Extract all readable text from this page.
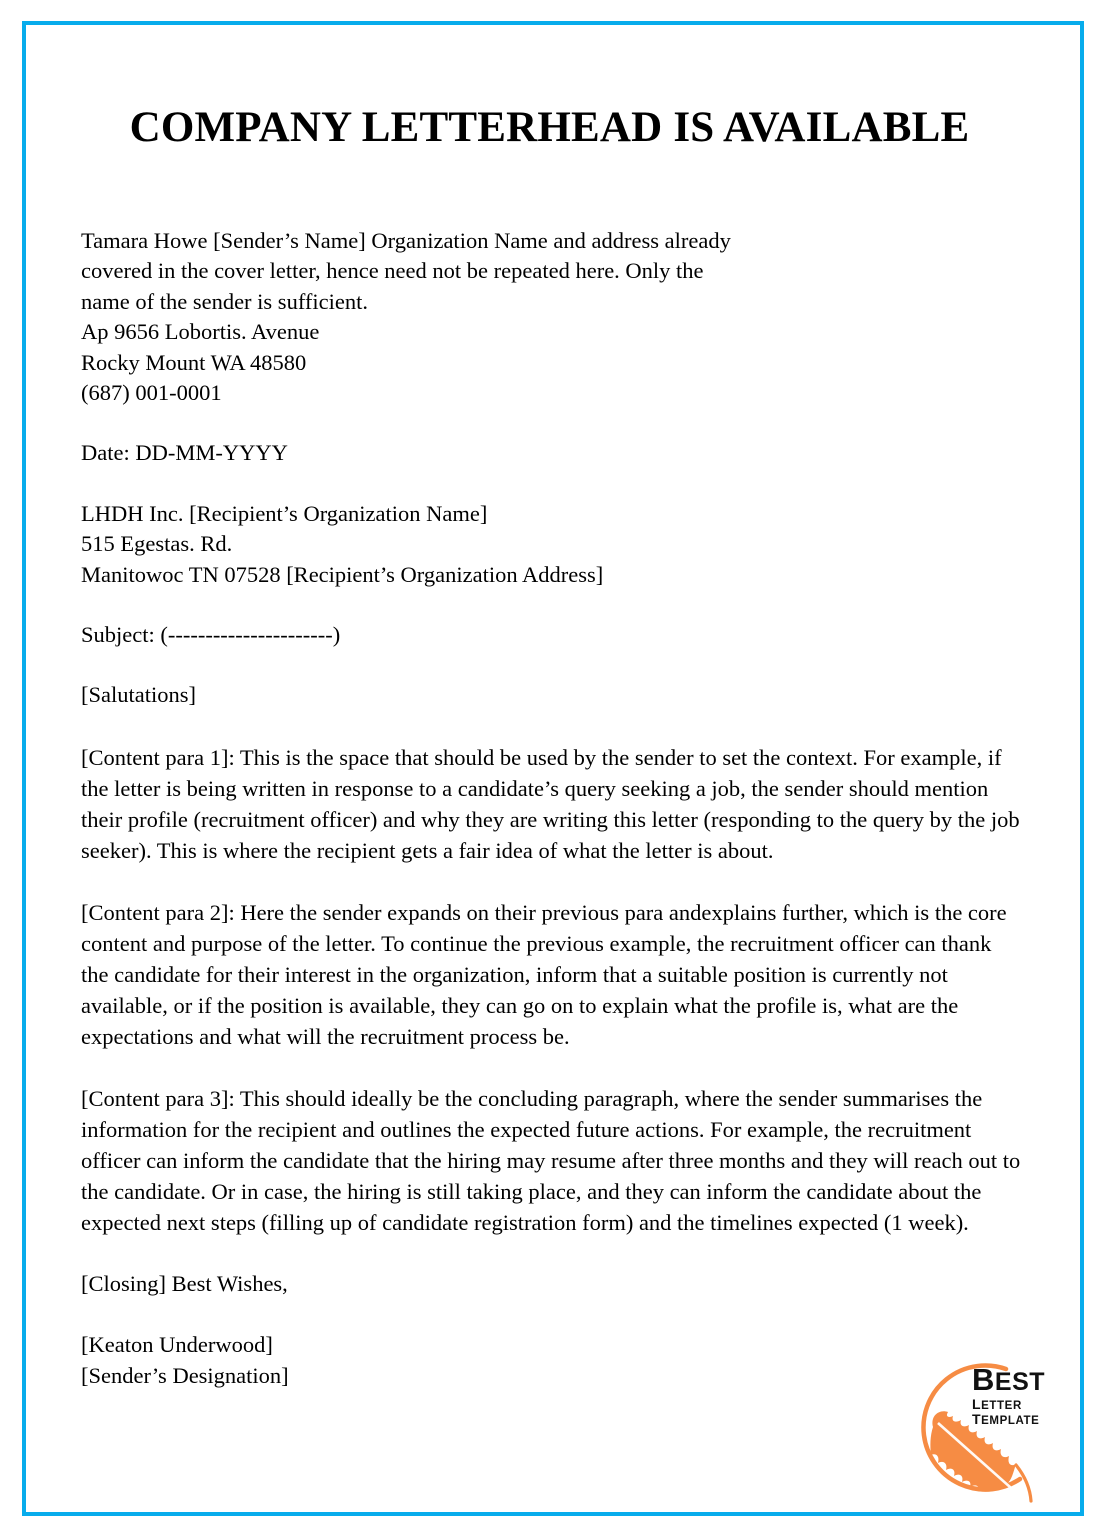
COMPANY LETTERHEAD IS AVAILABLE
Tamara Howe [Sender’s Name] Organization Name and address already
covered in the cover letter, hence need not be repeated here. Only the
name of the sender is sufficient.
Ap 9656 Lobortis. Avenue
Rocky Mount WA 48580
(687) 001-0001
Date: DD-MM-YYYY
LHDH Inc. [Recipient’s Organization Name]
515 Egestas. Rd.
Manitowoc TN 07528 [Recipient’s Organization Address]
Subject: (----------------------)
[Salutations]

[Content para 1]: This is the space that should be used by the sender to set the context. For example, if the letter is being written in response to a candidate’s query seeking a job, the sender should mention their profile (recruitment officer) and why they are writing this letter (responding to the query by the job seeker). This is where the recipient gets a fair idea of what the letter is about.

[Content para 2]: Here the sender expands on their previous para andexplains further, which is the core content and purpose of the letter. To continue the previous example, the recruitment officer can thank the candidate for their interest in the organization, inform that a suitable position is currently not available, or if the position is available, they can go on to explain what the profile is, what are the expectations and what will the recruitment process be.

[Content para 3]: This should ideally be the concluding paragraph, where the sender summarises the information for the recipient and outlines the expected future actions. For example, the recruitment officer can inform the candidate that the hiring may resume after three months and they will reach out to the candidate. Or in case, the hiring is still taking place, and they can inform the candidate about the expected next steps (filling up of candidate registration form) and the timelines expected (1 week).

[Closing] Best Wishes,
[Keaton Underwood]
[Sender’s Designation]	BEST
LETTER TEMPLATE
